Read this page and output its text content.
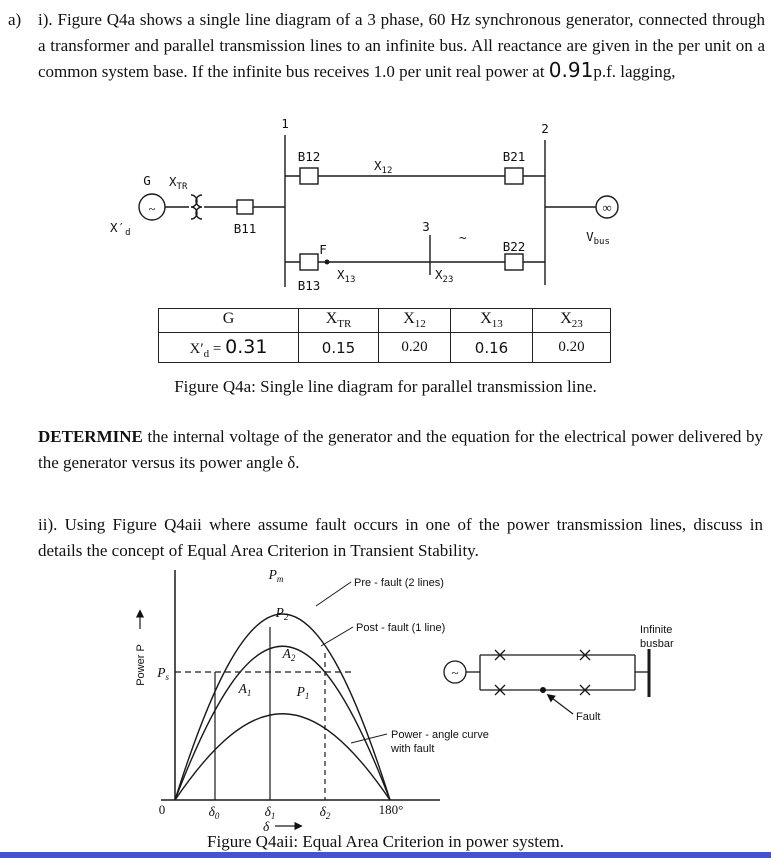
a) i). Figure Q4a shows a single line diagram of a 3 phase, 60 Hz synchronous generator, connected through a transformer and parallel transmission lines to an infinite bus. All reactance are given in the per unit on a common system base. If the infinite bus receives 1.0 per unit real power at 0.91p.f. lagging,
1	2
G
~
$X_{TR}$
$X'_d$	B11
B12
$X_{12}$
B21
B13
F
$X_{13}$
3
$X_{23}$
~
B22
∞
$V_{bus}$
G	$X_{TR}$	$X_{12}$	$X_{13}$	$X_{23}$
$X'_d = 0.31$	0.15	0.20	0.16	0.20
Figure Q4a: Single line diagram for parallel transmission line.
DETERMINE the internal voltage of the generator and the equation for the electrical power delivered by the generator versus its power angle δ.
ii). Using Figure Q4aii where assume fault occurs in one of the power transmission lines, discuss in details the concept of Equal Area Criterion in Transient Stability.
Power P $P_s$
$P_m$
$P_2$
$P_1$
$A_1$
$A_2$
0	$\delta_0$	$\delta_1$	$\delta_2$	180°
δ
Pre - fault (2 lines)
Post - fault (1 line)
Power - angle curve
with fault
Infinite
busbar
Fault
~
Figure Q4aii: Equal Area Criterion in power system.
